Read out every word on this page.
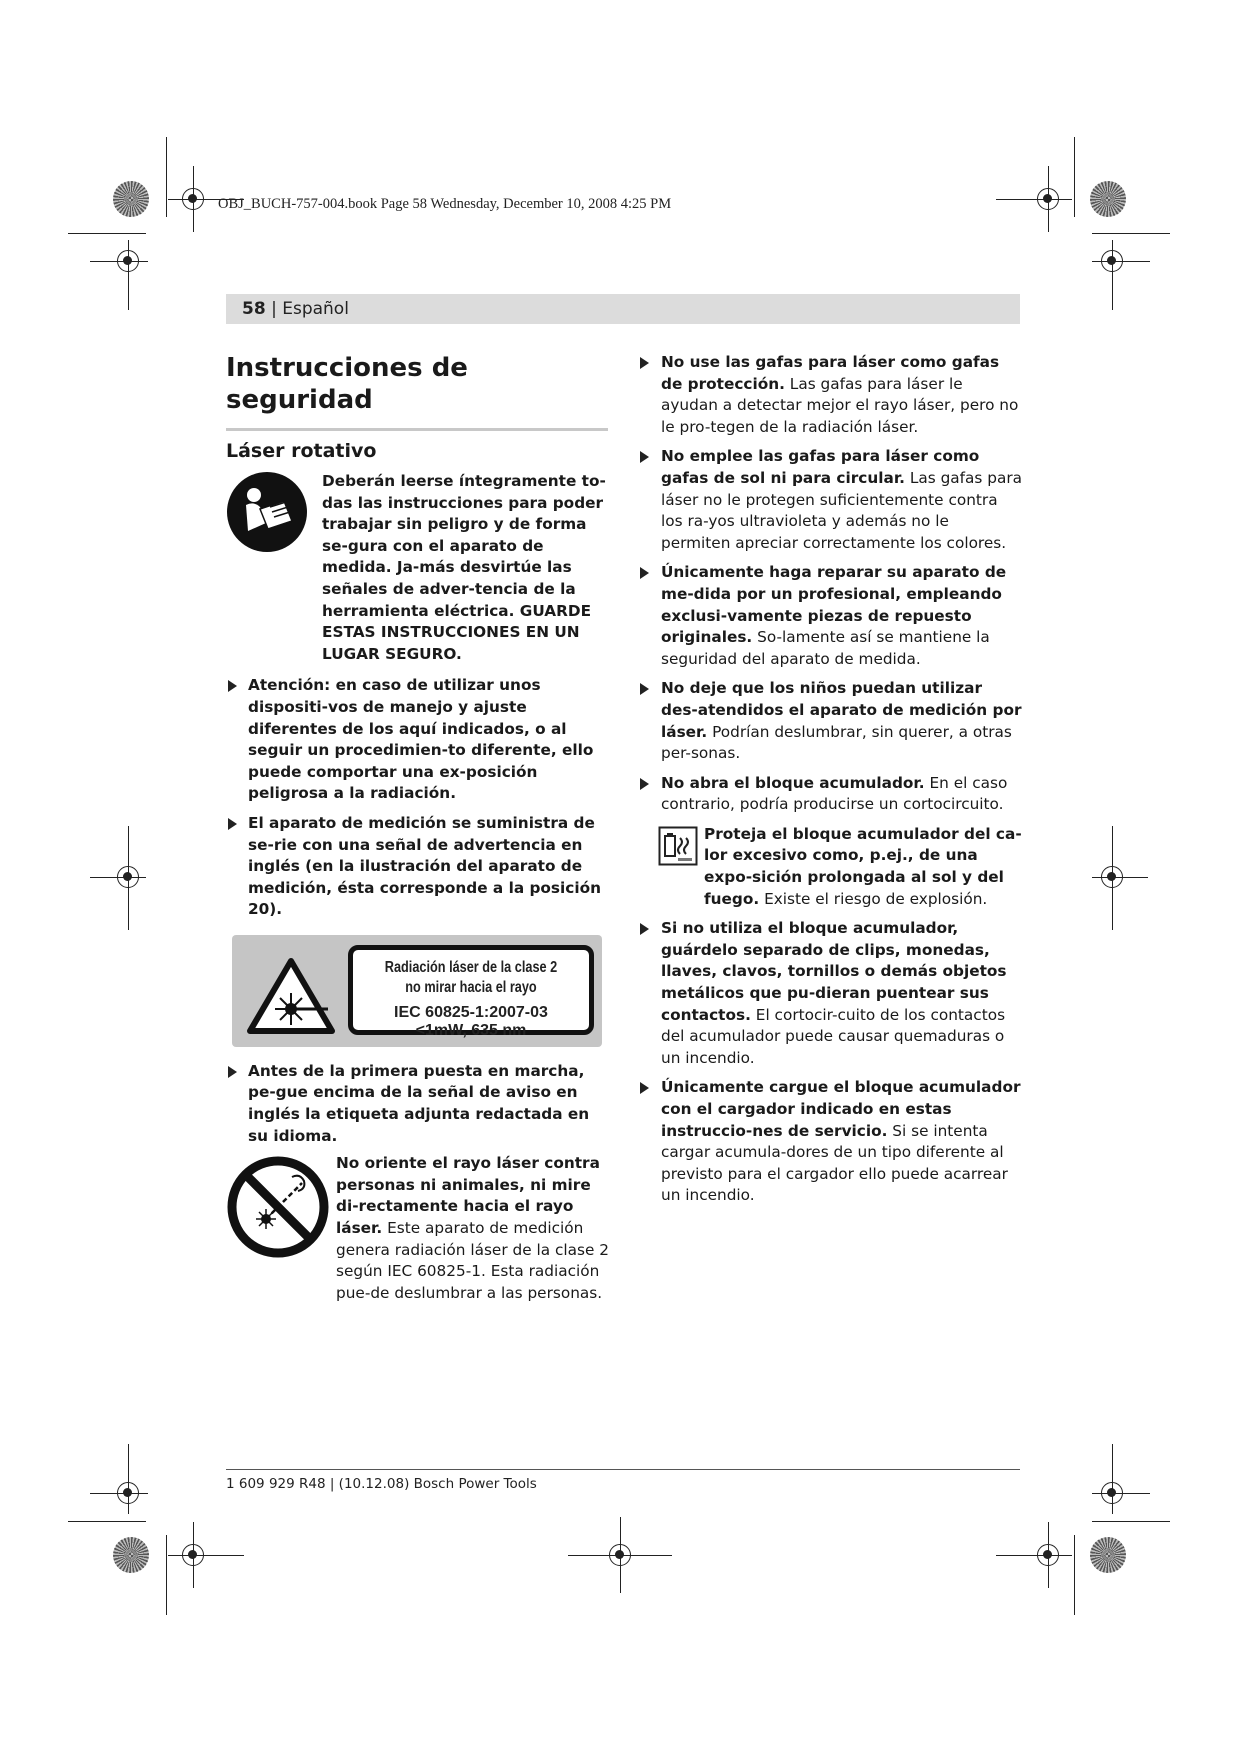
OBJ_BUCH-757-004.book Page 58 Wednesday, December 10, 2008 4:25 PM
58 | Español
Instrucciones de seguridad
Láser rotativo
Deberán leerse íntegramente to-das las instrucciones para poder trabajar sin peligro y de forma se-gura con el aparato de medida. Ja-más desvirtúe las señales de adver-tencia de la herramienta eléctrica. GUARDE ESTAS INSTRUCCIONES EN UN LUGAR SEGURO.
Atención: en caso de utilizar unos dispositi-vos de manejo y ajuste diferentes de los aquí indicados, o al seguir un procedimien-to diferente, ello puede comportar una ex-posición peligrosa a la radiación.
El aparato de medición se suministra de se-rie con una señal de advertencia en inglés (en la ilustración del aparato de medición, ésta corresponde a la posición 20).
Radiación láser de la clase 2
no mirar hacia el rayo
IEC 60825-1:2007-03
<1mW, 635 nm
Antes de la primera puesta en marcha, pe-gue encima de la señal de aviso en inglés la etiqueta adjunta redactada en su idioma.
No oriente el rayo láser contra personas ni animales, ni mire di-rectamente hacia el rayo láser. Este aparato de medición genera radiación láser de la clase 2 según IEC 60825-1. Esta radiación pue-de deslumbrar a las personas.
No use las gafas para láser como gafas de protección. Las gafas para láser le ayudan a detectar mejor el rayo láser, pero no le pro-tegen de la radiación láser.
No emplee las gafas para láser como gafas de sol ni para circular. Las gafas para láser no le protegen suficientemente contra los ra-yos ultravioleta y además no le permiten apreciar correctamente los colores.
Únicamente haga reparar su aparato de me-dida por un profesional, empleando exclusi-vamente piezas de repuesto originales. So-lamente así se mantiene la seguridad del aparato de medida.
No deje que los niños puedan utilizar des-atendidos el aparato de medición por láser. Podrían deslumbrar, sin querer, a otras per-sonas.
No abra el bloque acumulador. En el caso contrario, podría producirse un cortocircuito.
Proteja el bloque acumulador del ca-lor excesivo como, p.ej., de una expo-sición prolongada al sol y del fuego. Existe el riesgo de explosión.
Si no utiliza el bloque acumulador, guárdelo separado de clips, monedas, llaves, clavos, tornillos o demás objetos metálicos que pu-dieran puentear sus contactos. El cortocir-cuito de los contactos del acumulador puede causar quemaduras o un incendio.
Únicamente cargue el bloque acumulador con el cargador indicado en estas instruccio-nes de servicio. Si se intenta cargar acumula-dores de un tipo diferente al previsto para el cargador ello puede acarrear un incendio.
1 609 929 R48 | (10.12.08) Bosch Power Tools
